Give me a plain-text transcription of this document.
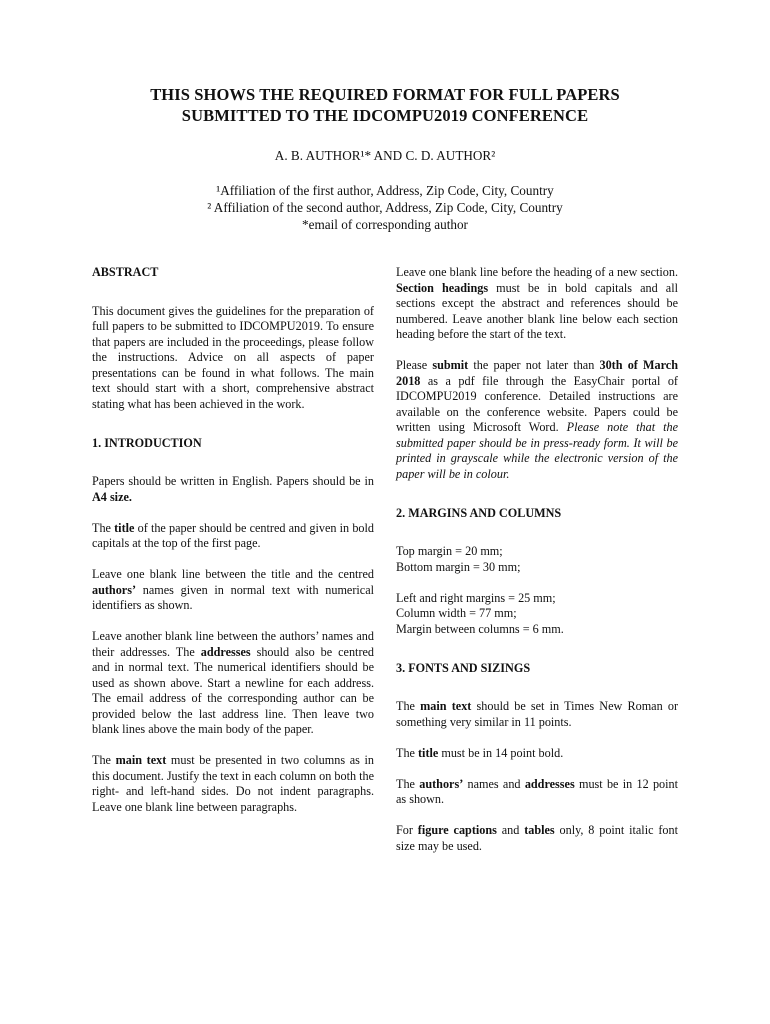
THIS SHOWS THE REQUIRED FORMAT FOR FULL PAPERS
SUBMITTED TO THE IDCOMPU2019 CONFERENCE
A. B. AUTHOR¹* AND C. D. AUTHOR²
¹Affiliation of the first author, Address, Zip Code, City, Country
² Affiliation of the second author, Address, Zip Code, City, Country
*email of corresponding author
ABSTRACT

This document gives the guidelines for the preparation of full papers to be submitted to IDCOMPU2019. To ensure that papers are included in the proceedings, please follow the instructions. Advice on all aspects of paper presentations can be found in what follows. The main text should start with a short, comprehensive abstract stating what has been achieved in the work.

1. INTRODUCTION

Papers should be written in English. Papers should be in A4 size.

The title of the paper should be centred and given in bold capitals at the top of the first page.

Leave one blank line between the title and the centred authors’ names given in normal text with numerical identifiers as shown.

Leave another blank line between the authors’ names and their addresses. The addresses should also be centred and in normal text. The numerical identifiers should be used as shown above. Start a newline for each address. The email address of the corresponding author can be provided below the last address line. Then leave two blank lines above the main body of the paper.

The main text must be presented in two columns as in this document. Justify the text in each column on both the right- and left-hand sides. Do not indent paragraphs. Leave one blank line between paragraphs.

Leave one blank line before the heading of a new section. Section headings must be in bold capitals and all sections except the abstract and references should be numbered. Leave another blank line below each section heading before the start of the text.

Please submit the paper not later than 30th of March 2018 as a pdf file through the EasyChair portal of IDCOMPU2019 conference. Detailed instructions are available on the conference website. Papers could be written using Microsoft Word. Please note that the submitted paper should be in press-ready form. It will be printed in grayscale while the electronic version of the paper will be in colour.

2. MARGINS AND COLUMNS

Top margin = 20 mm;
Bottom margin = 30 mm;

Left and right margins = 25 mm;
Column width = 77 mm;
Margin between columns = 6 mm.

3. FONTS AND SIZINGS

The main text should be set in Times New Roman or something very similar in 11 points.

The title must be in 14 point bold.

The authors’ names and addresses must be in 12 point as shown.

For figure captions and tables only, 8 point italic font size may be used.
